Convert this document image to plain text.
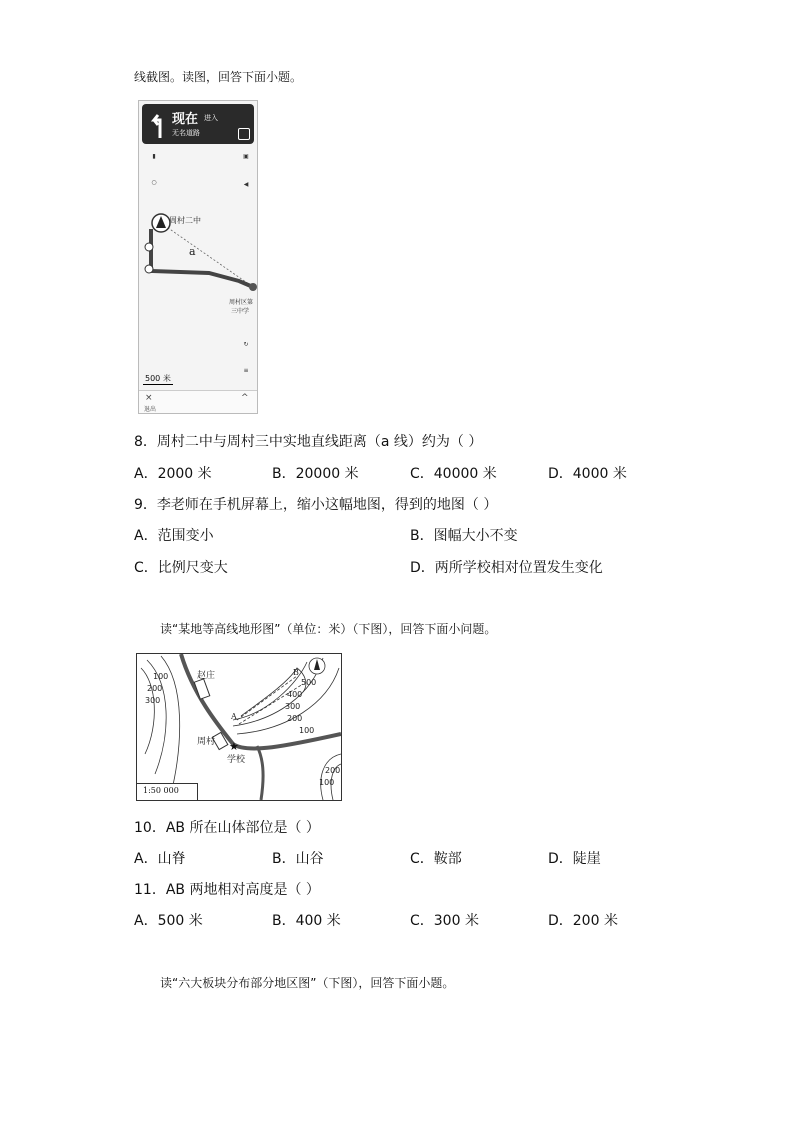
线截图。读图，回答下面小题。
现在 进入
无名道路
▮
○
▣
◀
↻
≡
周村二中
a
周村区第
三中学
500 米
×
退出
^
8．周村二中与周村三中实地直线距离（a 线）约为（ ）
A．2000 米	B．20000 米	C．40000 米	D．4000 米
9．李老师在手机屏幕上，缩小这幅地图，得到的地图（ ）
A．范围变小	B．图幅大小不变
C．比例尺变大	D．两所学校相对位置发生变化
读“某地等高线地形图”（单位：米）（下图），回答下面小问题。
赵庄
周村 ★
学校
A
B
100
200
300
500
400
300
200
100
200
100
1:50 000
10．AB 所在山体部位是（ ）
A．山脊	B．山谷	C．鞍部	D．陡崖
11．AB 两地相对高度是（ ）
A．500 米	B．400 米	C．300 米	D．200 米
读“六大板块分布部分地区图”（下图），回答下面小题。
